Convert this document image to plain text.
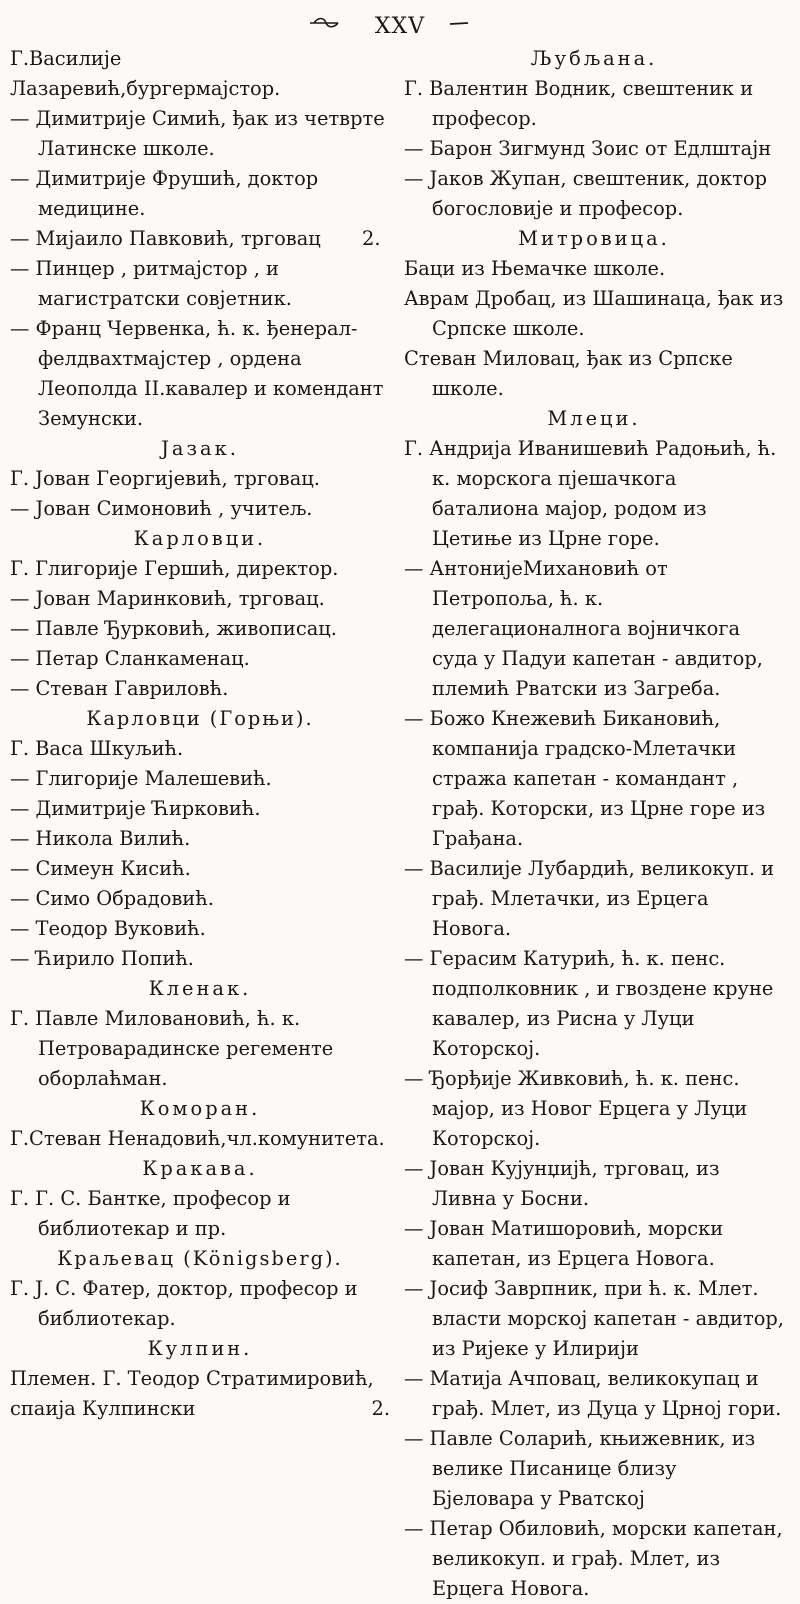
XXV

Г.Василије Лазаревић,бургермајстор.

— Димитрије Симић, ђак из четврте Латинске школе.

— Димитрије Фрушић, доктор медицине.

— Мијаило Павковић, трговац 2.

— Пинцер , ритмајстор , и магистратски совјетник.

— Франц Червенка, ћ. к. ђенерал-фелдвахтмајстер , ордена Леополда II.кавалер и комендант Земунски.

Јазак.

Г. Јован Георгијевић, трговац.

— Јован Симоновић , учитељ.

Карловци.

Г. Глигорије Гершић, директор.

— Јован Маринковић, трговац.

— Павле Ђурковић, живописац.

— Петар Сланкаменац.

— Стеван Гавриловћ.

Карловци (Горњи).

Г. Васа Шкуљић.

— Глигорије Малешевић.

— Димитрије Ћирковић.

— Никола Вилић.

— Симеун Кисић.

— Симо Обрадовић.

— Теодор Вуковић.

— Ћирило Попић.

Кленак.

Г. Павле Миловановић, ћ. к. Петроварадинске регементе оборлаћман.

Коморан.

Г.Стеван Ненадовић,чл.комунитета.

Кракава.

Г. Г. С. Бантке, професор и библиотекар и пр.

Краљевац (Königsberg).

Г. Ј. С. Фатер, доктор, професор и библиотекар.

Кулпин.

Племен. Г. Теодор Стратимировић, спаија Кулпински	2.

Љубљана.

Г. Валентин Водник, свештеник и професор.

— Барон Зигмунд Зоис от Едлштајн

— Јаков Жупан, свештеник, доктор богословије и професор.

Митровица.

Баци из Њемачке школе.

Аврам Дробац, из Шашинаца, ђак из Српске школе.

Стеван Миловац, ђак из Српске школе.

Млеци.

Г. Андрија Иванишевић Радоњић, ћ. к. морскога пјешачкога баталиона мајор, родом из Цетиње из Црне горе.

— АнтонијеМихановић от Петропоља, ћ. к. делегационалнога војничкога суда у Падуи капетан - авдитор, племић Рватски из Загреба.

— Божо Кнежевић Бикановић, компанија градско-Млетачки стража капетан - командант , грађ. Которски, из Црне горе из Грађана.

— Василије Лубардић, великокуп. и грађ. Млетачки, из Ерцега Новога.

— Герасим Катурић, ћ. к. пенс. подполковник , и гвоздене круне кавалер, из Рисна у Луци Которској.

— Ђорђије Живковић, ћ. к. пенс. мајор, из Новог Ерцега у Луци Которској.

— Јован Кујунџијћ, трговац, из Ливна у Босни.

— Јован Матишоровић, морски капетан, из Ерцега Новога.

— Јосиф Заврпник, при ћ. к. Млет. власти морској капетан - авдитор, из Ријеке у Илирији

— Матија Ачповац, великокупац и грађ. Млет, из Дуца у Црној гори.

— Павле Соларић, књижевник, из велике Писанице близу Бјеловара у Рватској

— Петар Обиловић, морски капетан, великокуп. и грађ. Млет, из Ерцега Новога.
